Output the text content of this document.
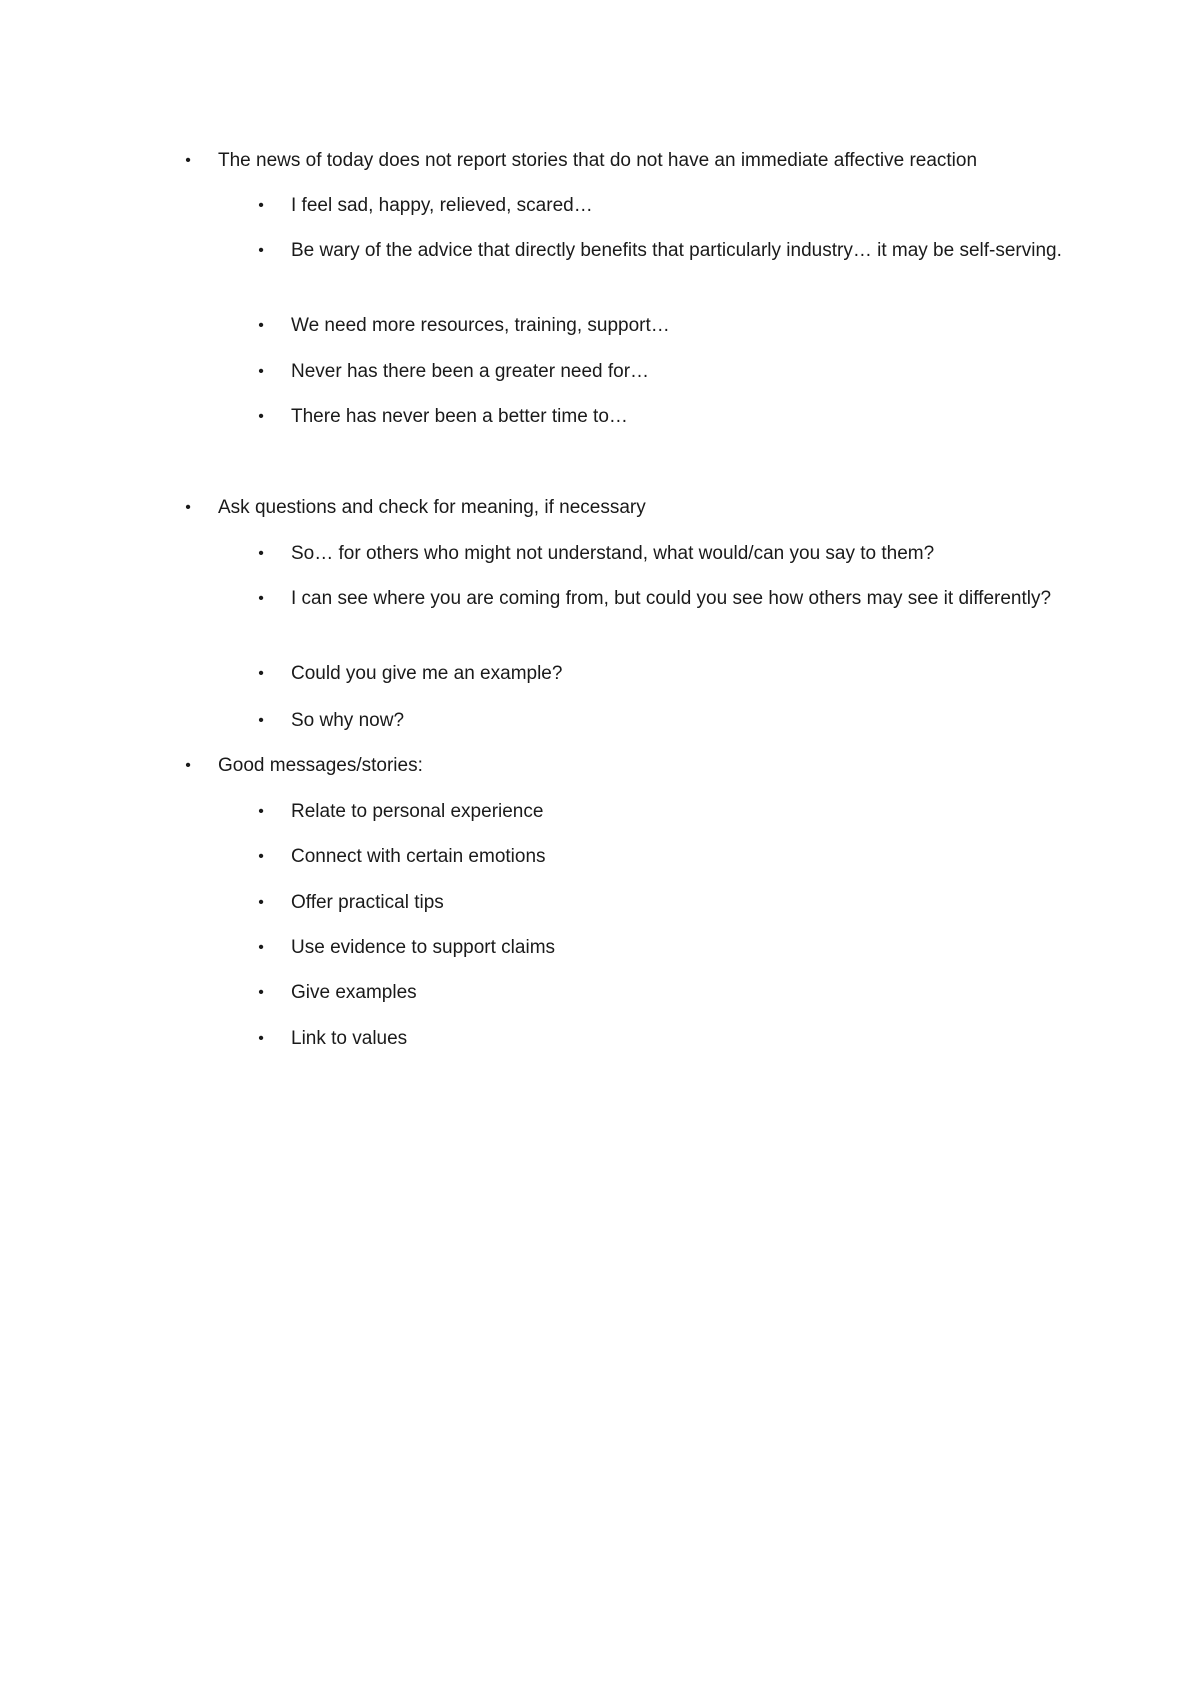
• The news of today does not report stories that do not have an immediate affective reaction
• I feel sad, happy, relieved, scared…
• Be wary of the advice that directly benefits that particularly industry… it may be self-serving.
• We need more resources, training, support…
• Never has there been a greater need for…
• There has never been a better time to…
• Ask questions and check for meaning, if necessary
• So… for others who might not understand, what would/can you say to them?
• I can see where you are coming from, but could you see how others may see it differently?
• Could you give me an example?
• So why now?
• Good messages/stories:
• Relate to personal experience
• Connect with certain emotions
• Offer practical tips
• Use evidence to support claims
• Give examples
• Link to values
